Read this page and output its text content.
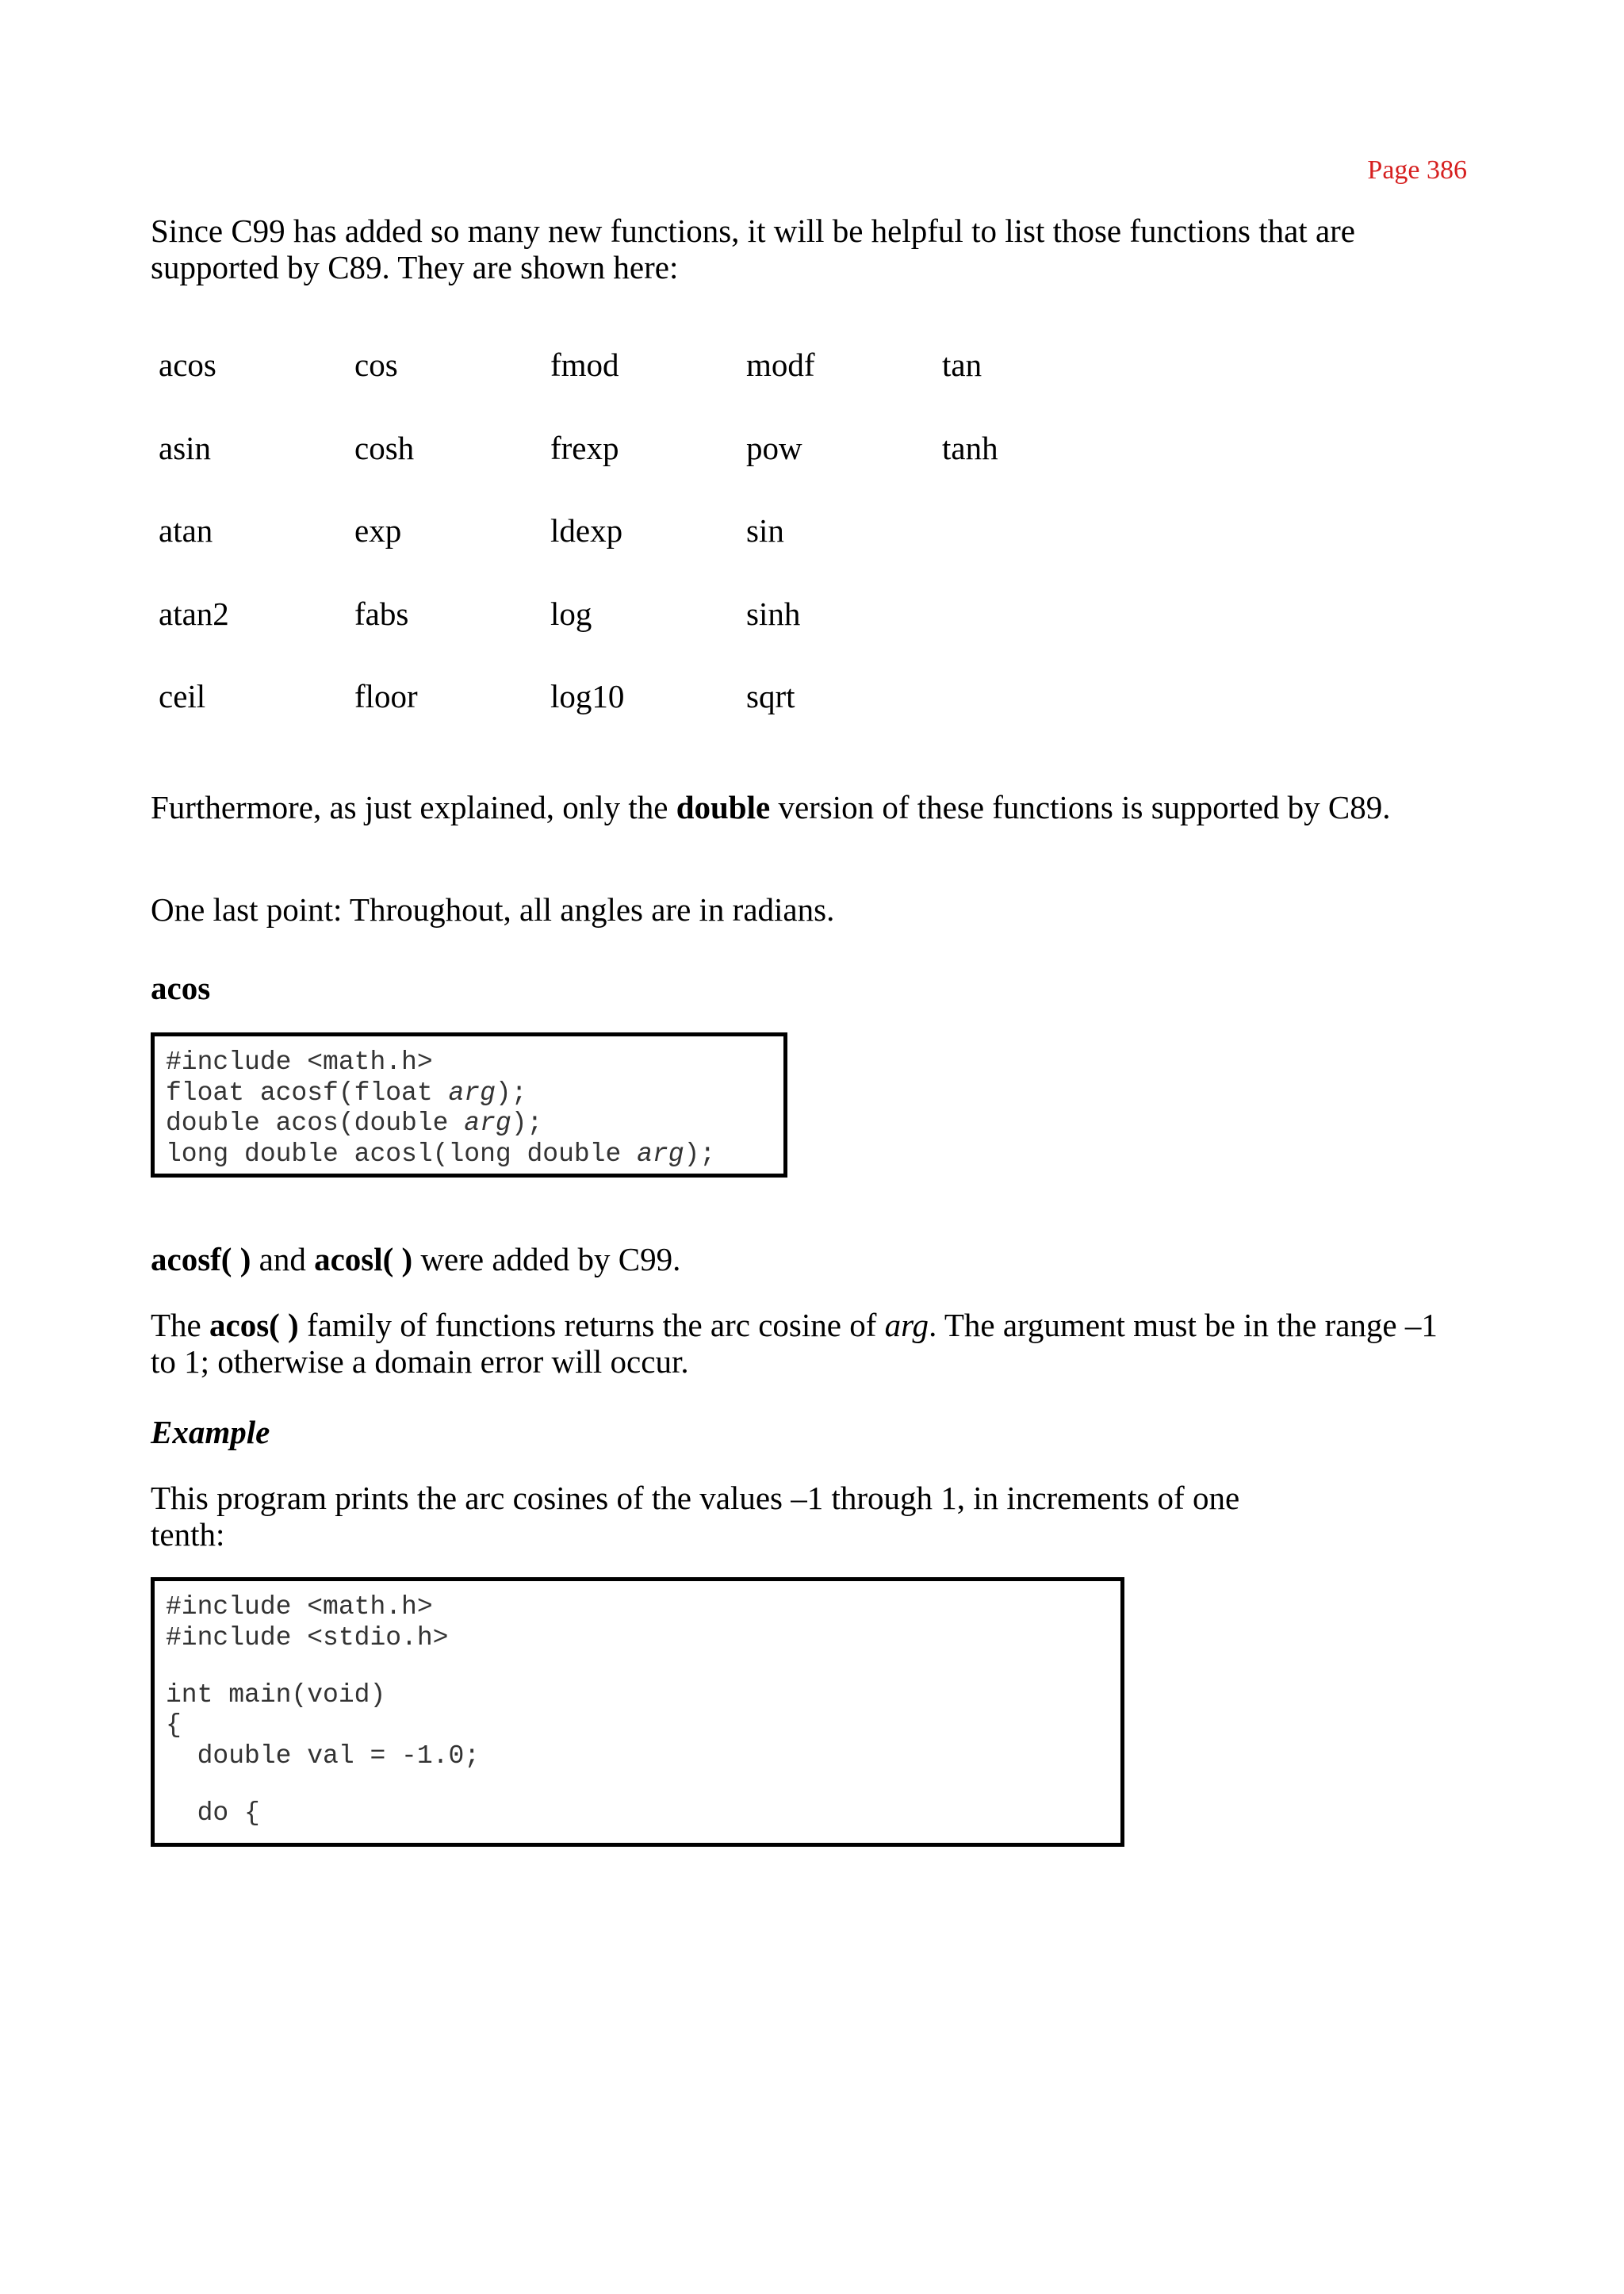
Page 386
Since C99 has added so many new functions, it will be helpful to list those functions that are supported by C89. They are shown here:
acos	cos	fmod	modf	tan
asin	cosh	frexp	pow	tanh
atan	exp	ldexp	sin
atan2	fabs	log	sinh
ceil	floor	log10	sqrt
Furthermore, as just explained, only the double version of these functions is supported by C89.
One last point: Throughout, all angles are in radians.
acos
#include <math.h>
float acosf(float arg);
double acos(double arg);
long double acosl(long double arg);
acosf( ) and acosl( ) were added by C99.
The acos( ) family of functions returns the arc cosine of arg. The argument must be in the range –1 to 1; otherwise a domain error will occur.
Example
This program prints the arc cosines of the values –1 through 1, in increments of one tenth:
#include <math.h>
#include <stdio.h>
int main(void)
{
double val = -1.0;
do {
